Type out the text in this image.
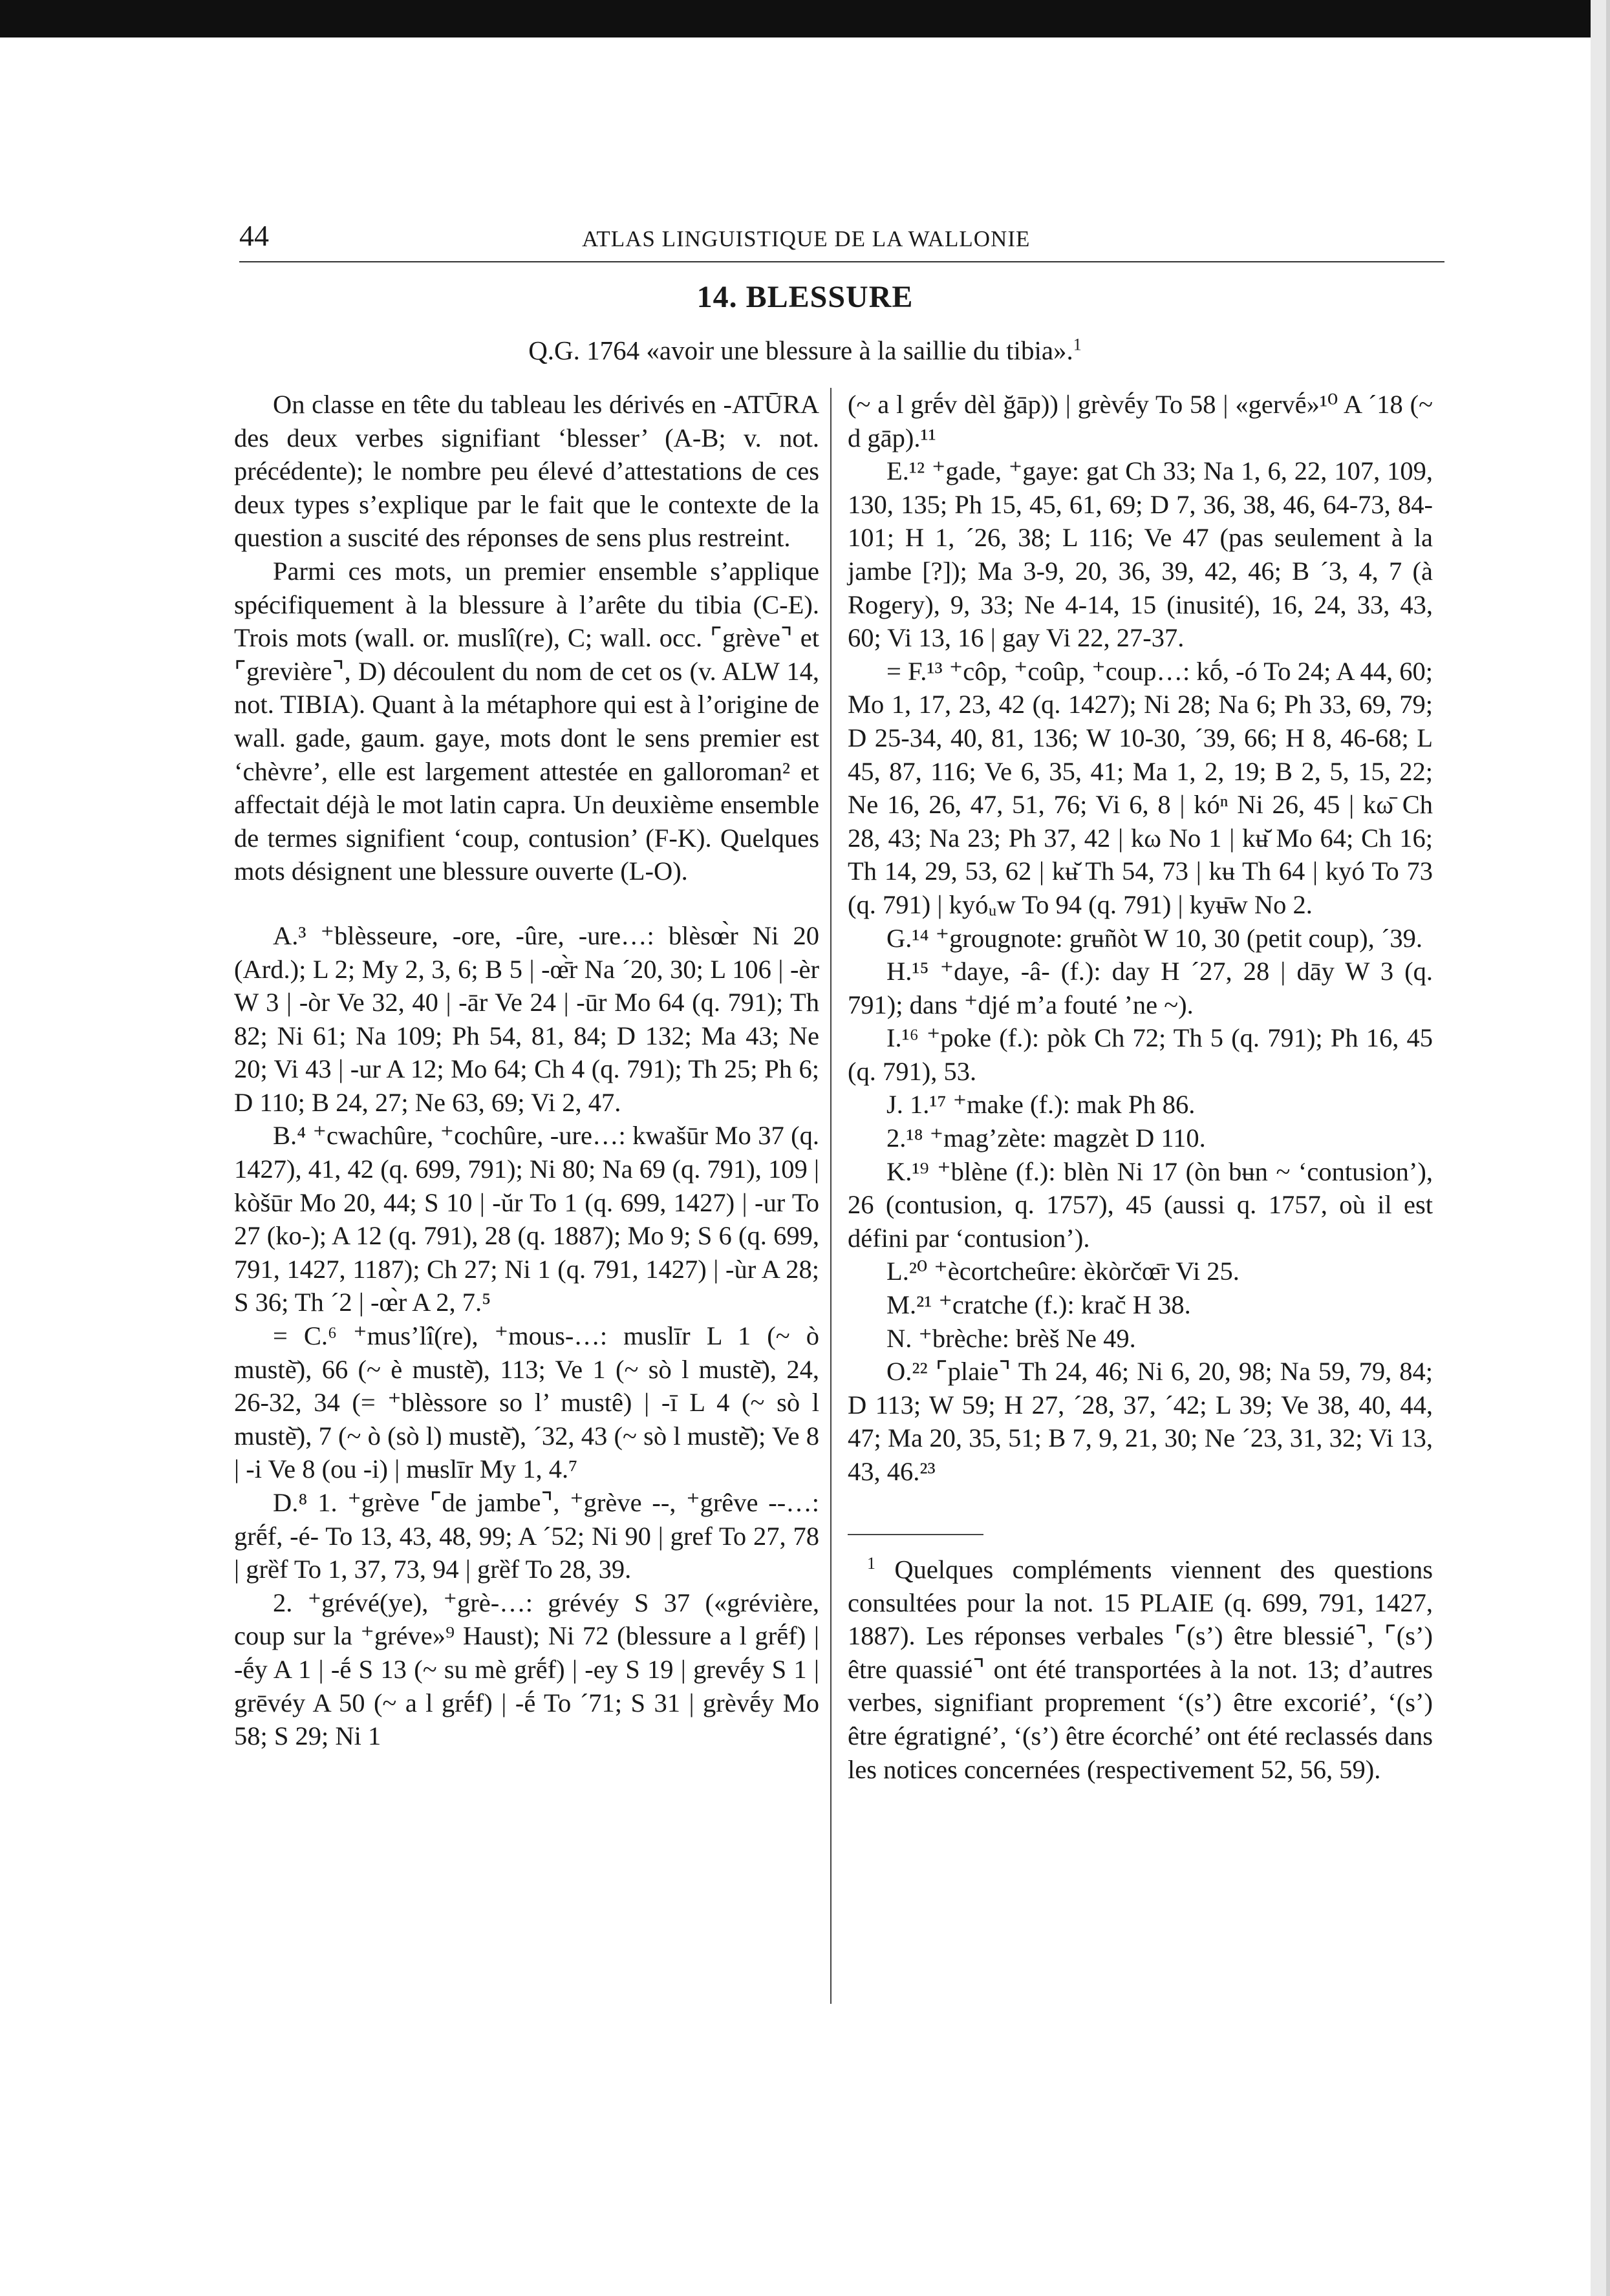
44	ATLAS LINGUISTIQUE DE LA WALLONIE
14. BLESSURE
Q.G. 1764 «avoir une blessure à la saillie du tibia».$^1$

On classe en tête du tableau les dérivés en -ATŪRA des deux verbes signifiant ‘blesser’ (A-B; v. not. précédente); le nombre peu élevé d’attestations de ces deux types s’explique par le fait que le contexte de la question a suscité des réponses de sens plus restreint.

Parmi ces mots, un premier ensemble s’applique spécifiquement à la blessure à l’arête du tibia (C-E). Trois mots (wall. or. muslî(re), C; wall. occ. ⌜grève⌝ et ⌜grevière⌝, D) découlent du nom de cet os (v. ALW 14, not. TIBIA). Quant à la métaphore qui est à l’origine de wall. gade, gaum. gaye, mots dont le sens premier est ‘chèvre’, elle est largement attestée en galloroman² et affectait déjà le mot latin capra. Un deuxième ensemble de termes signifient ‘coup, contusion’ (F-K). Quelques mots désignent une blessure ouverte (L-O).

A.³ ⁺blèsseure, -ore, -ûre, -ure…: blèsœ̀r Ni 20 (Ard.); L 2; My 2, 3, 6; B 5 | -œ̄̀r Na ´20, 30; L 106 | -èr W 3 | -òr Ve 32, 40 | -ār Ve 24 | -ūr Mo 64 (q. 791); Th 82; Ni 61; Na 109; Ph 54, 81, 84; D 132; Ma 43; Ne 20; Vi 43 | -ur A 12; Mo 64; Ch 4 (q. 791); Th 25; Ph 6; D 110; B 24, 27; Ne 63, 69; Vi 2, 47.

B.⁴ ⁺cwachûre, ⁺cochûre, -ure…: kwašūr Mo 37 (q. 1427), 41, 42 (q. 699, 791); Ni 80; Na 69 (q. 791), 109 | kòšūr Mo 20, 44; S 10 | -ŭr To 1 (q. 699, 1427) | -ur To 27 (ko-); A 12 (q. 791), 28 (q. 1887); Mo 9; S 6 (q. 699, 791, 1427, 1187); Ch 27; Ni 1 (q. 791, 1427) | -ùr A 28; S 36; Th ´2 | -œ̀r A 2, 7.⁵

= C.⁶ ⁺mus’lî(re), ⁺mous-…: muslīr L 1 (~ ò mustè̄), 66 (~ è mustè̄), 113; Ve 1 (~ sò l mustè̄), 24, 26-32, 34 (= ⁺blèssore so l’ mustê) | -ī L 4 (~ sò l mustè̄), 7 (~ ò (sò l) mustè̄), ´32, 43 (~ sò l mustè̄); Ve 8 | -i Ve 8 (ou -i) | mʉslīr My 1, 4.⁷

D.⁸ 1. ⁺grève ⌜de jambe⌝, ⁺grève --, ⁺grêve --…: grḗf, -é- To 13, 43, 48, 99; A ´52; Ni 90 | gref To 27, 78 | grȅf To 1, 37, 73, 94 | grȅf To 28, 39.

2. ⁺grévé(ye), ⁺grè-…: grévéy S 37 («grévière, coup sur la ⁺gréve»⁹ Haust); Ni 72 (blessure a l grḗf) | -ḗy A 1 | -ḗ S 13 (~ su mè grḗf) | -ey S 19 | grevḗy S 1 | grēvéy A 50 (~ a l grḗf) | -ḗ To ´71; S 31 | grèvḗy Mo 58; S 29; Ni 1

(~ a l grḗv dèl ğāp)) | grèvḗy To 58 | «gervḗ»¹⁰ A ´18 (~ d gāp).¹¹

E.¹² ⁺gade, ⁺gaye: gat Ch 33; Na 1, 6, 22, 107, 109, 130, 135; Ph 15, 45, 61, 69; D 7, 36, 38, 46, 64-73, 84-101; H 1, ´26, 38; L 116; Ve 47 (pas seulement à la jambe [?]); Ma 3-9, 20, 36, 39, 42, 46; B ´3, 4, 7 (à Rogery), 9, 33; Ne 4-14, 15 (inusité), 16, 24, 33, 43, 60; Vi 13, 16 | gay Vi 22, 27-37.

= F.¹³ ⁺côp, ⁺coûp, ⁺coup…: kṓ, -ó To 24; A 44, 60; Mo 1, 17, 23, 42 (q. 1427); Ni 28; Na 6; Ph 33, 69, 79; D 25-34, 40, 81, 136; W 10-30, ´39, 66; H 8, 46-68; L 45, 87, 116; Ve 6, 35, 41; Ma 1, 2, 19; B 2, 5, 15, 22; Ne 16, 26, 47, 51, 76; Vi 6, 8 | kóⁿ Ni 26, 45 | kω̄ Ch 28, 43; Na 23; Ph 37, 42 | kω No 1 | kʉ̆ Mo 64; Ch 16; Th 14, 29, 53, 62 | kʉ̆ Th 54, 73 | kʉ Th 64 | kyó To 73 (q. 791) | kyóᵤw To 94 (q. 791) | kyʉ̄w No 2.

G.¹⁴ ⁺grougnote: grʉñòt W 10, 30 (petit coup), ´39.

H.¹⁵ ⁺daye, -â- (f.): day H ´27, 28 | dāy W 3 (q. 791); dans ⁺djé m’a fouté ’ne ~).

I.¹⁶ ⁺poke (f.): pòk Ch 72; Th 5 (q. 791); Ph 16, 45 (q. 791), 53.

J. 1.¹⁷ ⁺make (f.): mak Ph 86.

2.¹⁸ ⁺mag’zète: magzèt D 110.

K.¹⁹ ⁺blène (f.): blèn Ni 17 (òn bʉn ~ ‘contusion’), 26 (contusion, q. 1757), 45 (aussi q. 1757, où il est défini par ‘contusion’).

L.²⁰ ⁺ècortcheûre: èkòrčœ̄r Vi 25.

M.²¹ ⁺cratche (f.): krač H 38.

N. ⁺brèche: brèš Ne 49.

O.²² ⌜plaie⌝ Th 24, 46; Ni 6, 20, 98; Na 59, 79, 84; D 113; W 59; H 27, ´28, 37, ´42; L 39; Ve 38, 40, 44, 47; Ma 20, 35, 51; B 7, 9, 21, 30; Ne ´23, 31, 32; Vi 13, 43, 46.²³

$^1$ Quelques compléments viennent des questions consultées pour la not. 15 PLAIE (q. 699, 791, 1427, 1887). Les réponses verbales ⌜(s’) être blessié⌝, ⌜(s’) être quassié⌝ ont été transportées à la not. 13; d’autres verbes, signifiant proprement ‘(s’) être excorié’, ‘(s’) être égratigné’, ‘(s’) être écorché’ ont été reclassés dans les notices concernées (respectivement 52, 56, 59).
